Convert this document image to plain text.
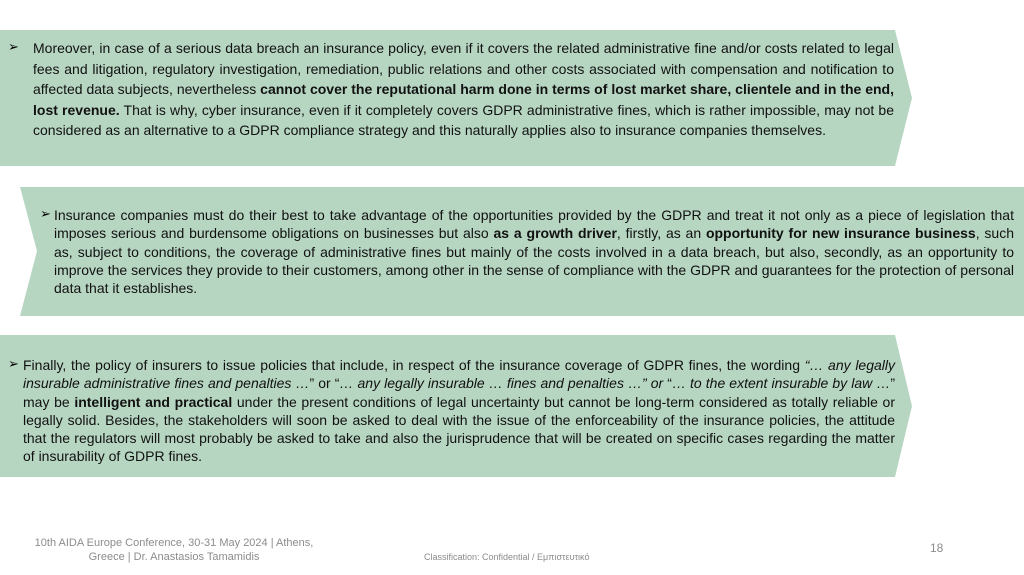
➢	Moreover, in case of a serious data breach an insurance policy, even if it covers the related administrative fine and/or costs related to legal fees and litigation, regulatory investigation, remediation, public relations and other costs associated with compensation and notification to affected data subjects, nevertheless cannot cover the reputational harm done in terms of lost market share, clientele and in the end, lost revenue. That is why, cyber insurance, even if it completely covers GDPR administrative fines, which is rather impossible, may not be considered as an alternative to a GDPR compliance strategy and this naturally applies also to insurance companies themselves.

➢ Insurance companies must do their best to take advantage of the opportunities provided by the GDPR and treat it not only as a piece of legislation that imposes serious and burdensome obligations on businesses but also as a growth driver, firstly, as an opportunity for new insurance business, such as, subject to conditions, the coverage of administrative fines but mainly of the costs involved in a data breach, but also, secondly, as an opportunity to improve the services they provide to their customers, among other in the sense of compliance with the GDPR and guarantees for the protection of personal data that it establishes.

➢ Finally, the policy of insurers to issue policies that include, in respect of the insurance coverage of GDPR fines, the wording “… any legally insurable administrative fines and penalties …” or “… any legally insurable … fines and penalties …” or “… to the extent insurable by law …” may be intelligent and practical under the present conditions of legal uncertainty but cannot be long-term considered as totally reliable or legally solid. Besides, the stakeholders will soon be asked to deal with the issue of the enforceability of the insurance policies, the attitude that the regulators will most probably be asked to take and also the jurisprudence that will be created on specific cases regarding the matter of insurability of GDPR fines.

10th AIDA Europe Conference, 30-31 May 2024 | Athens, Greece | Dr. Anastasios Tamamidis	Classification: Confidential / Εμπιστευτικό
18
